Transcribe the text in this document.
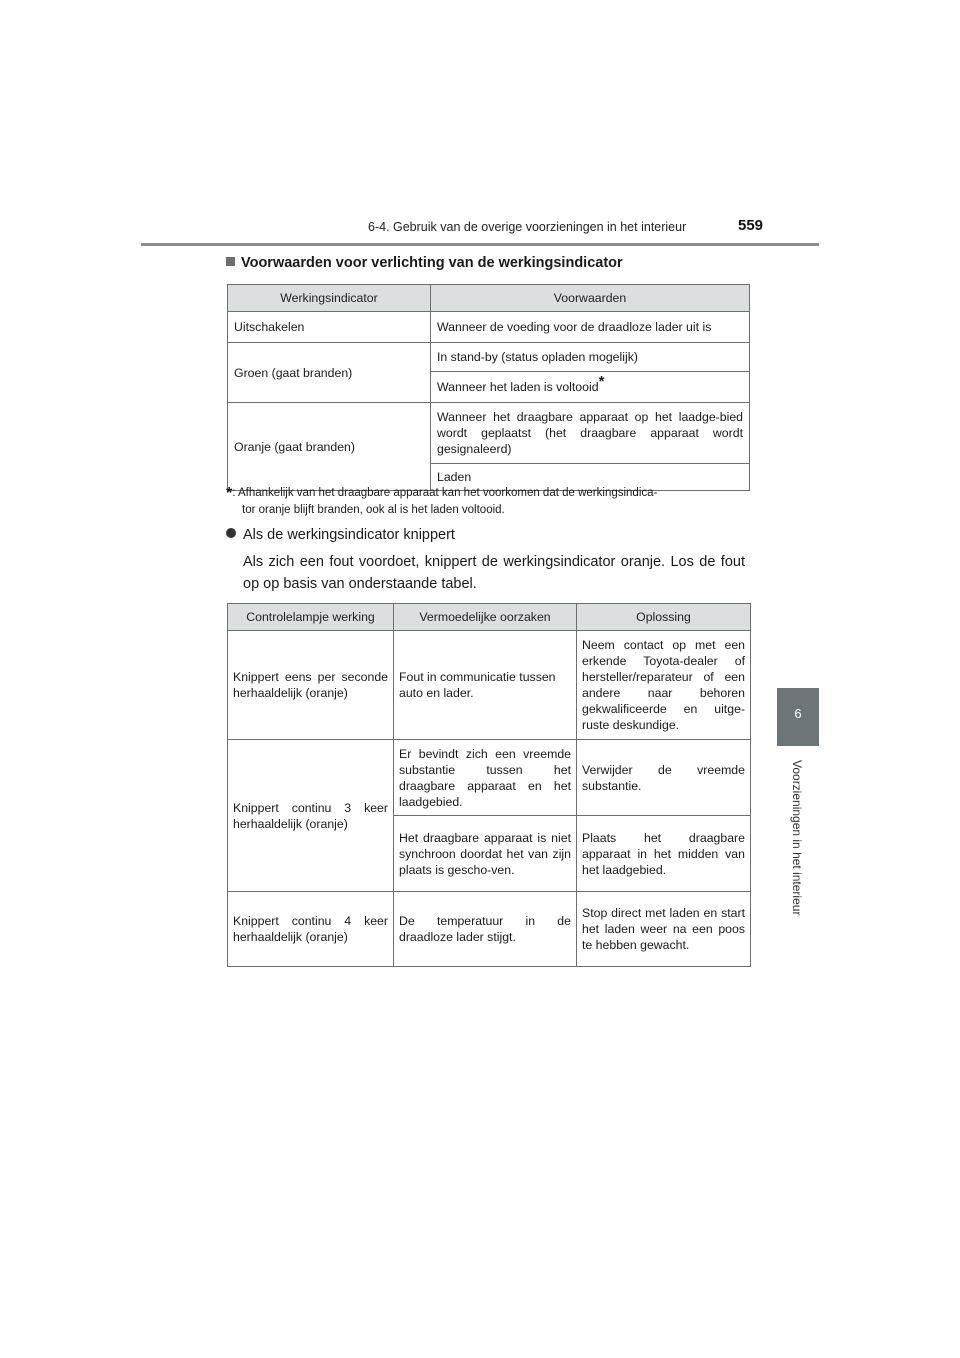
6-4. Gebruik van de overige voorzieningen in het interieur	559
6
Voorzieningen in het interieur
Voorwaarden voor verlichting van de werkingsindicator
Werkingsindicator	Voorwaarden
Uitschakelen	Wanneer de voeding voor de draadloze lader uit is
Groen (gaat branden)	In stand-by (status opladen mogelijk)
	Wanneer het laden is voltooid*
Oranje (gaat branden)	Wanneer het draagbare apparaat op het laadge-bied wordt geplaatst (het draagbare apparaat wordt gesignaleerd)
	Laden
*: Afhankelijk van het draagbare apparaat kan het voorkomen dat de werkingsindica-
tor oranje blijft branden, ook al is het laden voltooid.
Als de werkingsindicator knippert
Als zich een fout voordoet, knippert de werkingsindicator oranje. Los de fout op op basis van onderstaande tabel.
Controlelampje werking	Vermoedelijke oorzaken	Oplossing
Knippert eens per seconde herhaaldelijk (oranje)	Fout in communicatie tussen auto en lader.	Neem contact op met een erkende Toyota-dealer of hersteller/reparateur of een andere naar behoren gekwalificeerde en uitge-ruste deskundige.
Knippert continu 3 keer herhaaldelijk (oranje)	Er bevindt zich een vreemde substantie tussen het draagbare apparaat en het laadgebied.	Verwijder de vreemde substantie.
	Het draagbare apparaat is niet synchroon doordat het van zijn plaats is gescho-ven.	Plaats het draagbare apparaat in het midden van het laadgebied.
Knippert continu 4 keer herhaaldelijk (oranje)	De temperatuur in de draadloze lader stijgt.	Stop direct met laden en start het laden weer na een poos te hebben gewacht.
